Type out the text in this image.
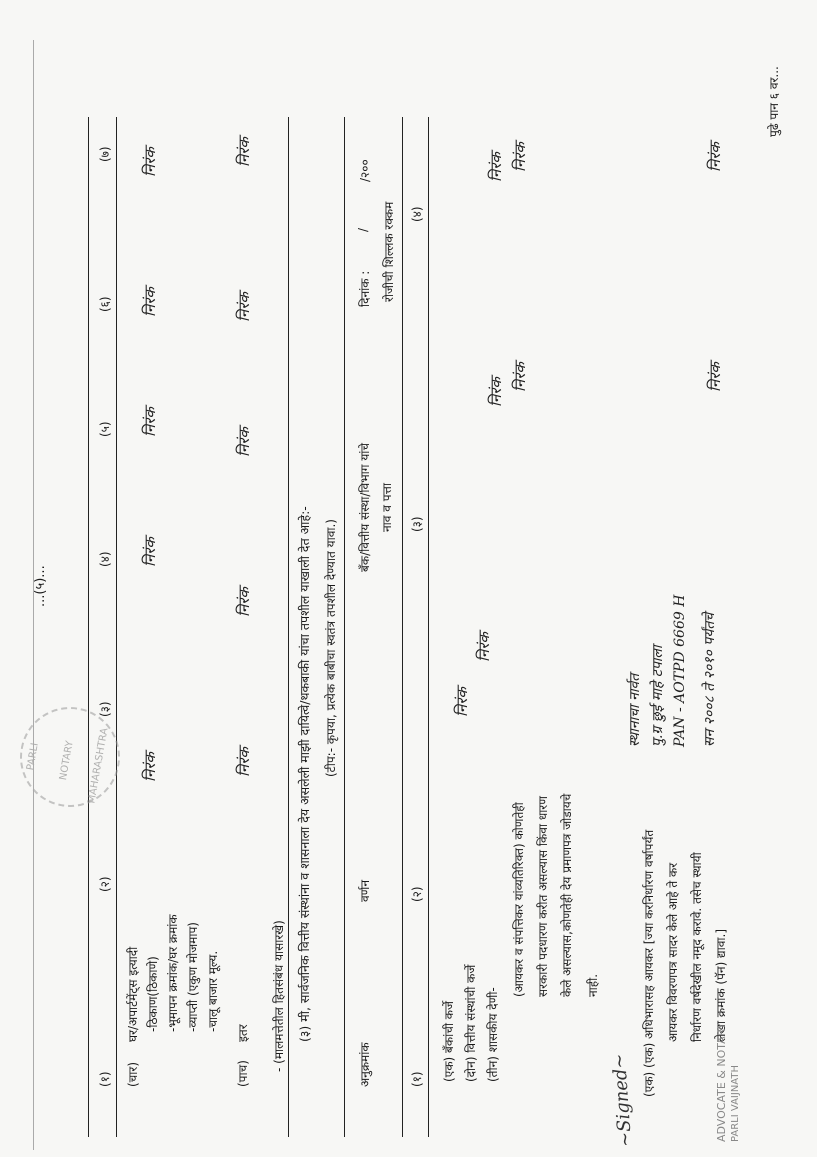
...(५)...
(१)
(२)
(३)
(४)
(५)
(६)
(७)
(चार)
घर/अपार्टमेंट्स इत्यादी -ठिकाण(ठिकाणे) -भूमापन क्रमांक/घर क्रमांक -व्याप्ती (एकुण मोजमाप) -चालू बाजार मूल्य.
निरंक
निरंक
निरंक
निरंक
निरंक
(पाच)
इतर
निरंक
निरंक
निरंक
निरंक
निरंक
- (मालमत्तेतील हितसंबंध यासारखे) (३) मी, सार्वजनिक वित्तीय संस्थांना व शासनाला देय असलेली माझी दायित्वे/थकबाकी यांचा तपशील याखाली देत आहे:- (टीप:- कृपया, प्रत्येक बाबीचा स्वतंत्र तपशील देण्यात यावा.)
अनुक्रमांक
वर्णन
बँक/वित्तीय संस्था/विभाग यांचे नाव व पत्ता
दिनांक :
/
/२००
रोजीची शिल्लक रक्कम
(१)
(२)
(३)
(४)
(एक) बँकांची कर्जे (दोन) वित्तीय संस्थांची कर्जे (तीन) शासकीय देणी-
निरंक
निरंक
निरंक
निरंक
निरंक निरंक
(आयकर व संपत्तिकर यांव्यतिरिक्त) कोणतेही सरकारी पदधारण करीत असल्यास किंवा धारण केले असल्यास,कोणतेही देय प्रमाणपत्र जोडायचे नाही.	(एक) (एक) अधिभारासह आयकर [ज्या करनिर्धारण वर्षापर्यंत आयकर विवरणपत्र सादर केले आहे ते कर निर्धारण वर्षदेखील नमूद करावे. तसेच स्थायी लेखा क्रमांक (पॅन) द्यावा.]
स्थानाचा नार्वत पु.ग्र छुई माहे टपाला PAN - AOTPD 6669 H सन २००८ ते २०१० पर्यंतचे
निरंक
निरंक
पुढे पान ६ वर...
PARLI NOTARY MAHARASHTRA
ADVOCATE & NOTARY PARLI VAIJNATH
~Signed~
